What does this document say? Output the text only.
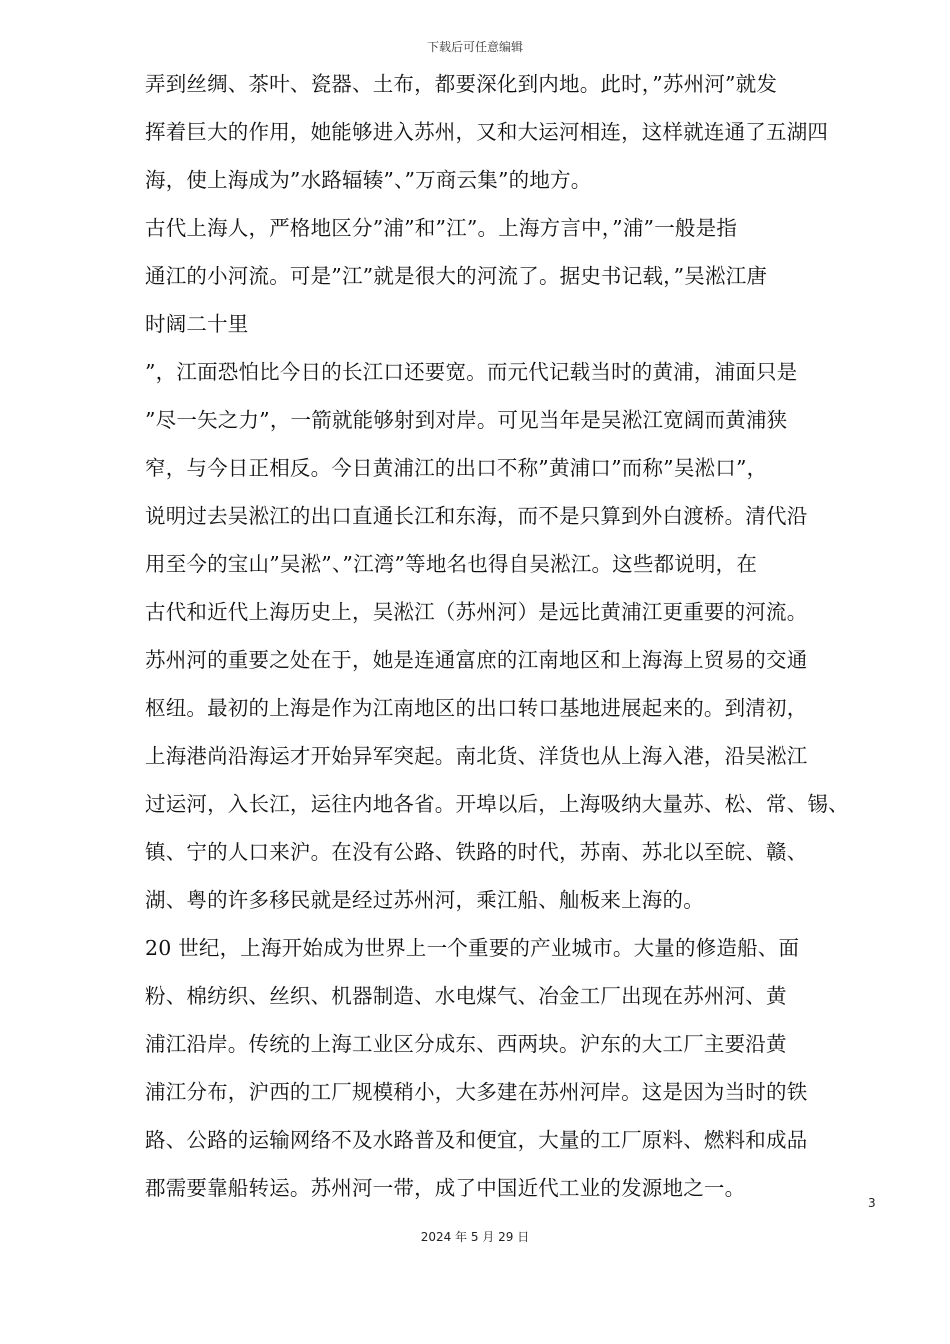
下载后可任意编辑
弄到丝绸、茶叶、瓷器、土布，都要深化到内地。此时，”苏州河”就发
挥着巨大的作用，她能够进入苏州，又和大运河相连，这样就连通了五湖四
海，使上海成为”水路辐辏”、”万商云集”的地方。
古代上海人，严格地区分”浦”和”江”。上海方言中，”浦”一般是指
通江的小河流。可是”江”就是很大的河流了。据史书记载，”吴淞江唐
时阔二十里
”，江面恐怕比今日的长江口还要宽。而元代记载当时的黄浦，浦面只是
”尽一矢之力”，一箭就能够射到对岸。可见当年是吴淞江宽阔而黄浦狭
窄，与今日正相反。今日黄浦江的出口不称”黄浦口”而称”吴淞口”，
说明过去吴淞江的出口直通长江和东海，而不是只算到外白渡桥。清代沿
用至今的宝山”吴淞”、”江湾”等地名也得自吴淞江。这些都说明，在
古代和近代上海历史上，吴淞江（苏州河）是远比黄浦江更重要的河流。
苏州河的重要之处在于，她是连通富庶的江南地区和上海海上贸易的交通
枢纽。最初的上海是作为江南地区的出口转口基地进展起来的。到清初，
上海港尚沿海运才开始异军突起。南北货、洋货也从上海入港，沿吴淞江
过运河，入长江，运往内地各省。开埠以后，上海吸纳大量苏、松、常、锡、
镇、宁的人口来沪。在没有公路、铁路的时代，苏南、苏北以至皖、赣、
湖、粤的许多移民就是经过苏州河，乘江船、舢板来上海的。
20 世纪，上海开始成为世界上一个重要的产业城市。大量的修造船、面
粉、棉纺织、丝织、机器制造、水电煤气、冶金工厂出现在苏州河、黄
浦江沿岸。传统的上海工业区分成东、西两块。沪东的大工厂主要沿黄
浦江分布，沪西的工厂规模稍小，大多建在苏州河岸。这是因为当时的铁
路、公路的运输网络不及水路普及和便宜，大量的工厂原料、燃料和成品
郡需要靠船转运。苏州河一带，成了中国近代工业的发源地之一。
3
2024 年 5 月 29 日
